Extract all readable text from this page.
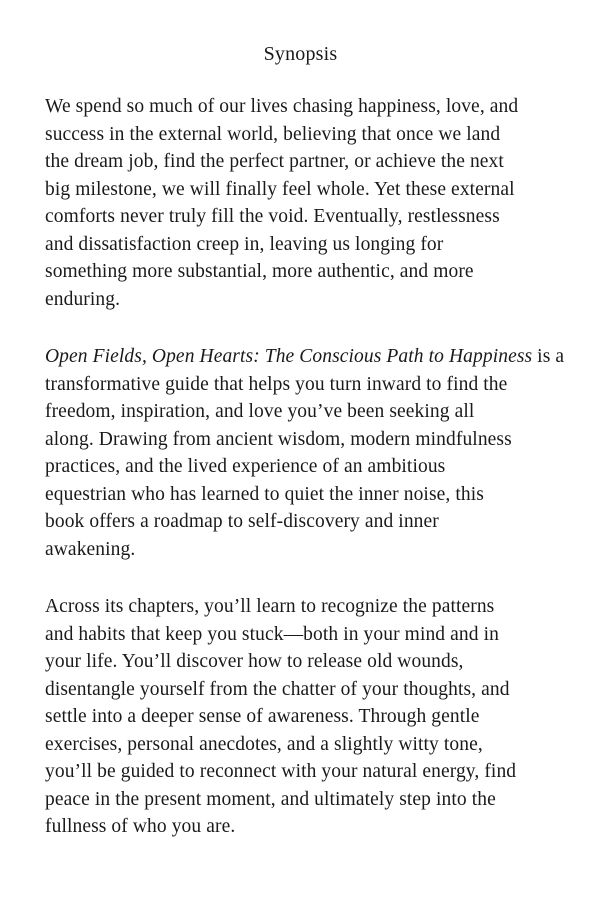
Synopsis

We spend so much of our lives chasing happiness, love, and
success in the external world, believing that once we land
the dream job, find the perfect partner, or achieve the next
big milestone, we will finally feel whole. Yet these external
comforts never truly fill the void. Eventually, restlessness
and dissatisfaction creep in, leaving us longing for
something more substantial, more authentic, and more
enduring.

Open Fields, Open Hearts: The Conscious Path to Happiness is a
transformative guide that helps you turn inward to find the
freedom, inspiration, and love you’ve been seeking all
along. Drawing from ancient wisdom, modern mindfulness
practices, and the lived experience of an ambitious
equestrian who has learned to quiet the inner noise, this
book offers a roadmap to self-discovery and inner
awakening.

Across its chapters, you’ll learn to recognize the patterns
and habits that keep you stuck—both in your mind and in
your life. You’ll discover how to release old wounds,
disentangle yourself from the chatter of your thoughts, and
settle into a deeper sense of awareness. Through gentle
exercises, personal anecdotes, and a slightly witty tone,
you’ll be guided to reconnect with your natural energy, find
peace in the present moment, and ultimately step into the
fullness of who you are.
